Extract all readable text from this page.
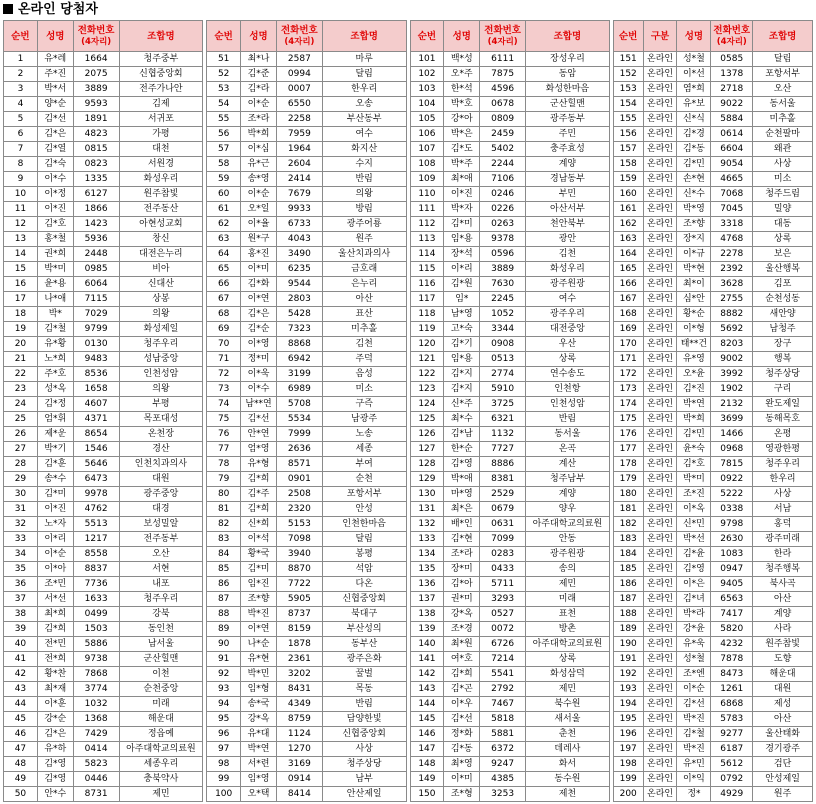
온라인 당첨자
순번	성명	전화번호
(4자리)	조합명
1	유*레	1664	청주중부
2	주*진	2075	신협중앙회
3	박*서	3889	전주가나안
4	양*순	9593	김제
5	김*선	1891	서귀포
6	김*은	4823	가평
7	김*열	0815	대천
8	김*숙	0823	서원경
9	이*수	1335	화성우리
10	이*정	6127	원주참빛
11	이*진	1866	전주동산
12	김*호	1423	아현성교회
13	홍*철	5936	창신
14	권*희	2448	대전은누리
15	박*미	0985	비아
16	윤*용	6064	신대산
17	나*애	7115	상봉
18	박*	7029	의왕
19	김*철	9799	화성제일
20	유*황	0130	청주우리
21	노*희	9483	성남중앙
22	주*호	8536	인천성암
23	성*옥	1658	의왕
24	김*정	4607	부평
25	엄*휘	4371	목포대성
26	제*운	8654	온천장
27	박*기	1546	경산
28	김*훈	5646	인천치과의사
29	송*수	6473	대원
30	김*미	9978	광주중앙
31	이*진	4762	대경
32	노*자	5513	보성밀알
33	이*리	1217	전주동부
34	이*순	8558	오산
35	이*아	8837	서현
36	조*민	7736	내포
37	서*선	1633	청주우리
38	최*희	0499	강북
39	김*희	1503	동인천
40	전*민	5886	남서울
41	전*희	9738	군산힐맨
42	황*찬	7868	이천
43	최*재	3774	순천중앙
44	이*훈	1032	미래
45	강*순	1368	해운대
46	김*은	7429	정읍예
47	유*하	0414	아주대학교의료원
48	김*영	5823	세종우리
49	김*영	0446	충북약사
50	안*수	8731	제민
순번	성명	전화번호
(4자리)	조합명
51	최*나	2587	마루
52	김*준	0994	달림
53	김*라	0007	한우리
54	이*순	6550	오송
55	조*라	2258	부산동부
56	박*희	7959	여수
57	이*심	1964	화지산
58	유*근	2604	수지
59	송*영	2414	반림
60	이*순	7679	의왕
61	오*일	9933	방림
62	이*율	6733	광주어룡
63	원*구	4043	원주
64	홍*진	3490	울산치과의사
65	이*미	6235	금호래
66	김*화	9544	은누리
67	이*연	2803	아산
68	김*은	5428	표산
69	김*순	7323	미추홀
70	이*영	8868	김천
71	정*미	6942	주덕
72	이*욱	3199	음성
73	이*수	6989	미소
74	남**연	5708	구즉
75	김*선	5534	남광주
76	안*연	7999	노송
77	엄*영	2636	세종
78	유*형	8571	부여
79	김*희	0901	순천
80	김*주	2508	포항서부
81	김*희	2320	안성
82	신*희	5153	인천한마음
83	이*석	7098	달림
84	황*국	3940	봉평
85	김*미	8870	석암
86	임*진	7722	다온
87	조*향	5905	신협중앙회
88	박*진	8737	북대구
89	이*연	8159	부산성의
90	나*순	1878	동부산
91	유*현	2361	광주은화
92	박*민	3202	꿀벌
93	임*형	8431	목동
94	송*국	4349	반림
95	강*옥	8759	담양한빛
96	유*대	1124	신협중앙회
97	박*연	1270	사상
98	서*련	3169	청주상당
99	임*영	0914	남부
100	오*택	8414	안산제일
순번	성명	전화번호
(4자리)	조합명
101	백*성	6111	장성우리
102	오*주	7875	동암
103	한*석	4596	화성한마음
104	박*호	0678	군산힐맨
105	강*아	0809	광주동부
106	박*은	2459	주민
107	김*도	5402	충주효성
108	박*주	2244	계양
109	최*애	7106	경남동부
110	이*진	0246	부민
111	박*자	0226	아산서부
112	김*미	0263	천안북부
113	임*용	9378	광안
114	장*석	0596	김천
115	이*리	3889	화성우리
116	김*원	7630	광주원광
117	임*	2245	여수
118	남*영	1052	광주우리
119	고*숙	3344	대전중앙
120	김*기	0908	우산
121	임*용	0513	상록
122	김*지	2774	연수송도
123	김*지	5910	인천항
124	신*주	3725	인천성암
125	최*수	6321	반림
126	김*남	1132	동서울
127	한*순	7727	온곡
128	김*영	8886	계산
129	박*애	8381	청주남부
130	마*영	2529	계양
131	최*은	0679	양우
132	배*인	0631	아주대학교의료원
133	김*현	7099	안동
134	조*라	0283	광주원광
135	장*미	0433	송의
136	김*아	5711	제민
137	권*미	3293	미래
138	강*옥	0527	표천
139	조*경	0072	방촌
140	최*원	6726	아주대학교의료원
141	여*호	7214	상록
142	김*희	5541	화성삼덕
143	김*곤	2792	제민
144	이*우	7467	북수원
145	김*선	5818	새서울
146	정*화	5881	춘천
147	김*동	6372	데레사
148	최*영	9247	화서
149	이*미	4385	동수원
150	조*형	3253	제천
순번	구분	성명	전화번호
(4자리)	조합명
151	온라인	성*철	0585	달림
152	온라인	이*선	1378	포항서부
153	온라인	염*희	2718	오산
154	온라인	유*보	9022	동서울
155	온라인	신*식	5884	미추홀
156	온라인	김*경	0614	순천팔마
157	온라인	김*동	6604	왜관
158	온라인	김*민	9054	사상
159	온라인	손*현	4665	미소
160	온라인	신*수	7068	청주드림
161	온라인	박*영	7045	밀양
162	온라인	조*향	3318	대동
163	온라인	장*지	4768	상록
164	온라인	이*규	2278	보은
165	온라인	박*현	2392	울산행복
166	온라인	최*이	3628	김포
167	온라인	심*안	2755	순천성동
168	온라인	황*순	8882	새안양
169	온라인	이*형	5692	남청주
170	온라인	태**건	8203	장구
171	온라인	유*영	9002	행복
172	온라인	오*윤	3992	청주상당
173	온라인	김*진	1902	구리
174	온라인	박*연	2132	완도제일
175	온라인	박*희	3699	동해목호
176	온라인	김*민	1466	온평
177	온라인	윤*숙	0968	영광한평
178	온라인	김*호	7815	청주우리
179	온라인	박*미	0922	한우리
180	온라인	조*진	5222	사상
181	온라인	이*옥	0338	서남
182	온라인	신*민	9798	홍덕
183	온라인	박*선	2630	광주미래
184	온라인	김*윤	1083	한라
185	온라인	김*영	0947	청주행복
186	온라인	이*은	9405	북사곡
187	온라인	김*녀	6563	아산
188	온라인	박*라	7417	계양
189	온라인	강*윤	5820	사라
190	온라인	유*욱	4232	원주참빛
191	온라인	성*철	7878	도향
192	온라인	조*엔	8473	해운대
193	온라인	이*순	1261	대원
194	온라인	김*선	6868	제성
195	온라인	박*진	5783	아산
196	온라인	김*철	9277	울산태화
197	온라인	박*진	6187	경기광주
198	온라인	유*민	5612	검단
199	온라인	이*익	0792	안성제일
200	온라인	정*	4929	원주
